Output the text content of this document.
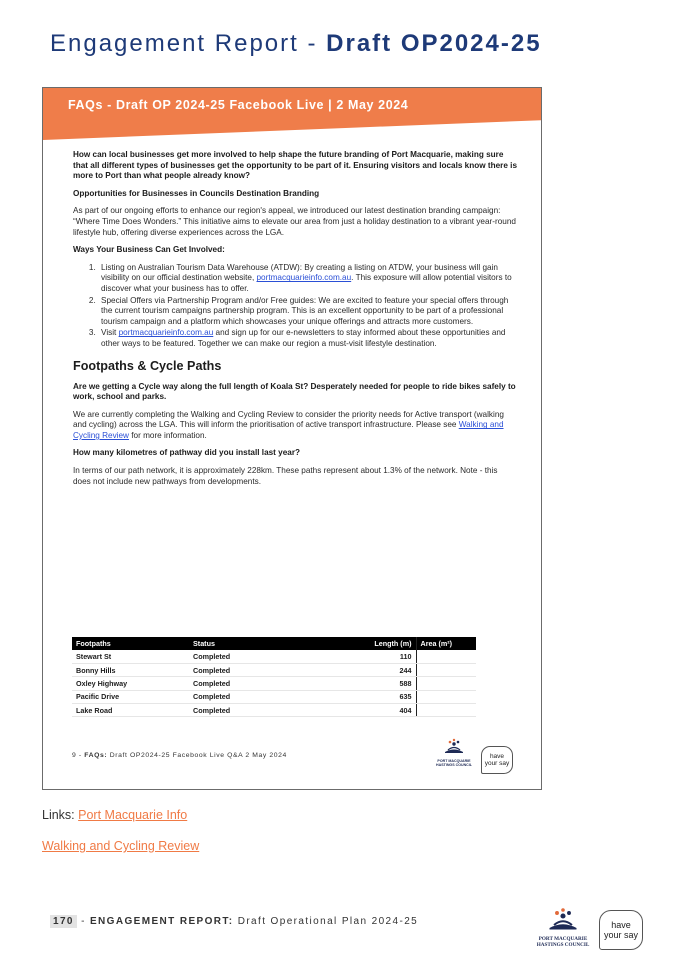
Engagement Report - Draft OP2024-25
FAQs - Draft OP 2024-25 Facebook Live | 2 May 2024

How can local businesses get more involved to help shape the future branding of Port Macquarie, making sure that all different types of businesses get the opportunity to be part of it. Ensuring visitors and locals know there is more to Port than what people already know?

Opportunities for Businesses in Councils Destination Branding

As part of our ongoing efforts to enhance our region's appeal, we introduced our latest destination branding campaign: “Where Time Does Wonders.” This initiative aims to elevate our area from just a holiday destination to a vibrant year-round lifestyle hub, offering diverse experiences across the LGA.

Ways Your Business Can Get Involved:

1. Listing on Australian Tourism Data Warehouse (ATDW): By creating a listing on ATDW, your business will gain visibility on our official destination website, portmacquarieinfo.com.au. This exposure will allow potential visitors to discover what your business has to offer.
2. Special Offers via Partnership Program and/or Free guides: We are excited to feature your special offers through the current tourism campaigns partnership program. This is an excellent opportunity to be part of a professional tourism campaign and a platform which showcases your unique offerings and attracts more customers.
3. Visit portmacquarieinfo.com.au and sign up for our e-newsletters to stay informed about these opportunities and other ways to be featured. Together we can make our region a must-visit lifestyle destination.
Footpaths & Cycle Paths

Are we getting a Cycle way along the full length of Koala St? Desperately needed for people to ride bikes safely to work, school and parks.

We are currently completing the Walking and Cycling Review to consider the priority needs for Active transport (walking and cycling) across the LGA. This will inform the prioritisation of active transport infrastructure. Please see Walking and Cycling Review for more information.

How many kilometres of pathway did you install last year?

In terms of our path network, it is approximately 228km. These paths represent about 1.3% of the network. Note - this does not include new pathways from developments.

Footpaths	Status	Length (m)	Area (m²)
Stewart St	Completed	110	
Bonny Hills	Completed	244	
Oxley Highway	Completed	588	
Pacific Drive	Completed	635	
Lake Road	Completed	404	
9 - FAQs: Draft OP2024-25 Facebook Live Q&A 2 May 2024
PORT MACQUARIE
HASTINGS COUNCIL
have
your say
Links: Port Macquarie Info
Walking and Cycling Review
170 - ENGAGEMENT REPORT: Draft Operational Plan 2024-25
PORT MACQUARIE
HASTINGS COUNCIL
have
your say
